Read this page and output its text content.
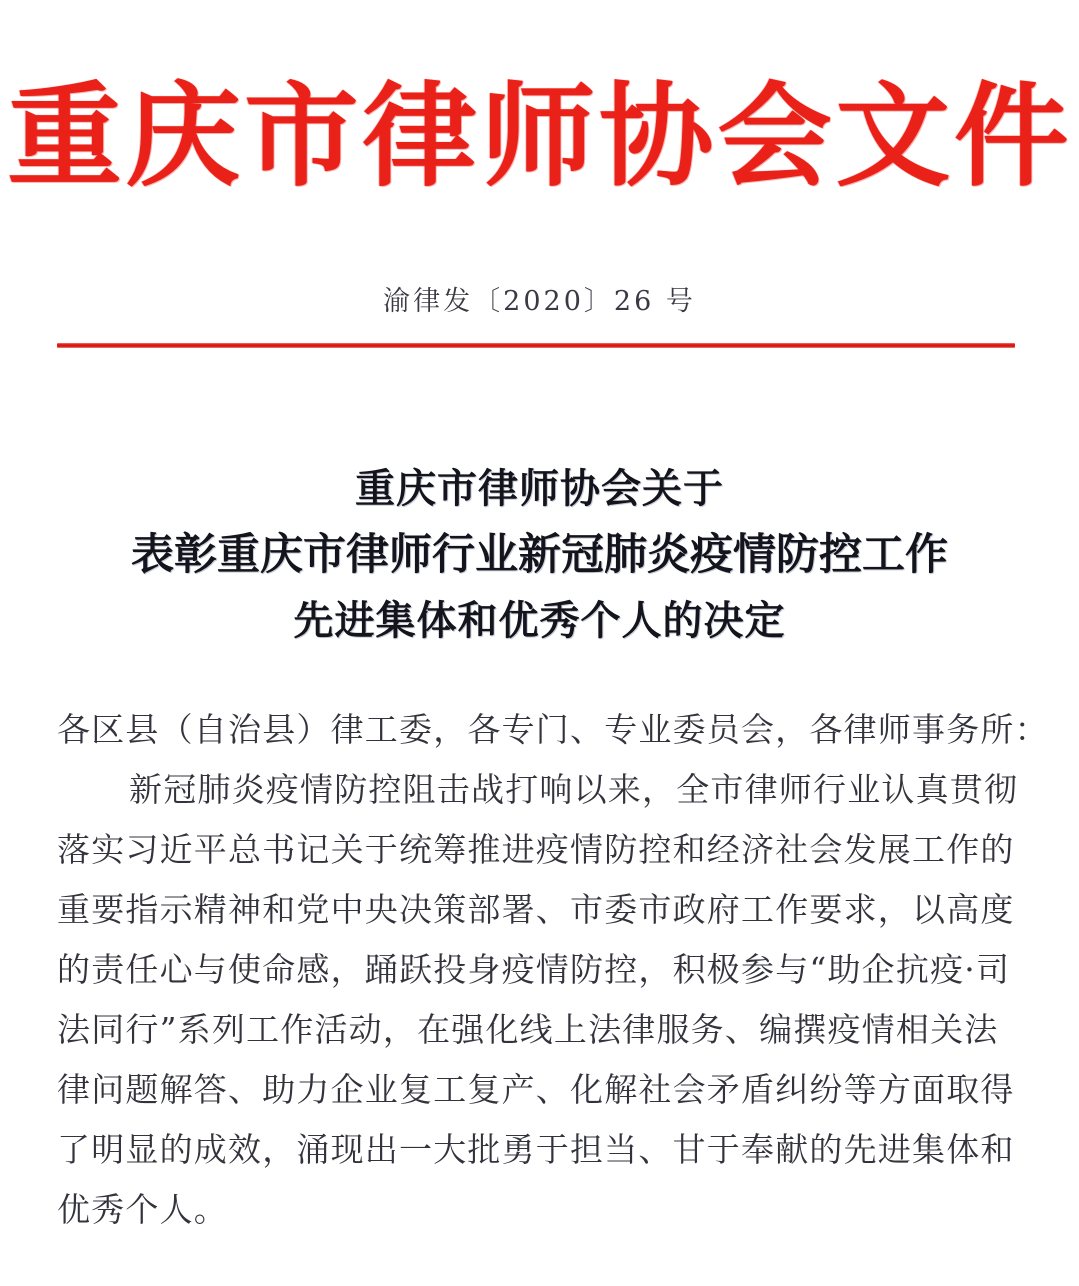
重庆市律师协会文件
渝律发〔2020〕26 号
重庆市律师协会关于
表彰重庆市律师行业新冠肺炎疫情防控工作
先进集体和优秀个人的决定
各区县（自治县）律工委，各专门、专业委员会，各律师事务所：
新冠肺炎疫情防控阻击战打响以来，全市律师行业认真贯彻
落实习近平总书记关于统筹推进疫情防控和经济社会发展工作的
重要指示精神和党中央决策部署、市委市政府工作要求，以高度
的责任心与使命感，踊跃投身疫情防控，积极参与“助企抗疫·司
法同行”系列工作活动，在强化线上法律服务、编撰疫情相关法
律问题解答、助力企业复工复产、化解社会矛盾纠纷等方面取得
了明显的成效，涌现出一大批勇于担当、甘于奉献的先进集体和
优秀个人。
